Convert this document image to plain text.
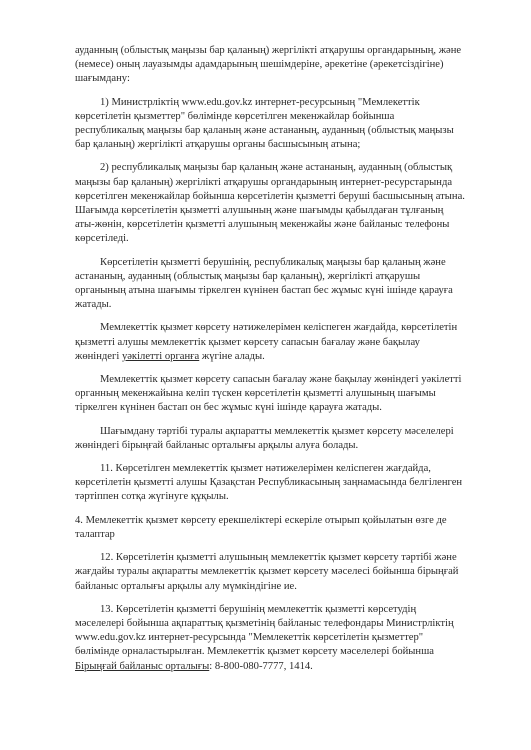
ауданның (облыстық маңызы бар қаланың) жергілікті атқарушы органдарының, және (немесе) оның лауазымды адамдарының шешімдеріне, әрекетіне (әрекетсіздігіне) шағымдану:

1) Министрліктің www.edu.gov.kz интернет-ресурсының "Мемлекеттік көрсетілетін қызметтер" бөлімінде көрсетілген мекенжайлар бойынша республикалық маңызы бар қаланың және астананың, ауданның (облыстық маңызы бар қаланың) жергілікті атқарушы органы басшысының атына;

2) республикалық маңызы бар қаланың және астананың, ауданның (облыстық маңызы бар қаланың) жергілікті атқарушы органдарының интернет-ресурстарында көрсетілген мекенжайлар бойынша көрсетілетін қызметті беруші басшысының атына. Шағымда көрсетілетін қызметті алушының және шағымды қабылдаған тұлғаның аты-жөнін, көрсетілетін қызметті алушының мекенжайы және байланыс телефоны көрсетіледі.

Көрсетілетін қызметті берушінің, республикалық маңызы бар қаланың және астананың, ауданның (облыстық маңызы бар қаланың), жергілікті атқарушы органының атына шағымы тіркелген күнінен бастап бес жұмыс күні ішінде қарауға жатады.

Мемлекеттік қызмет көрсету нәтижелерімен келіспеген жағдайда, көрсетілетін қызметті алушы мемлекеттік қызмет көрсету сапасын бағалау және бақылау жөніндегі уәкілетті органға жүгіне алады.

Мемлекеттік қызмет көрсету сапасын бағалау және бақылау жөніндегі уәкілетті органның мекенжайына келіп түскен көрсетілетін қызметті алушының шағымы тіркелген күнінен бастап он бес жұмыс күні ішінде қарауға жатады.

Шағымдану тәртібі туралы ақпаратты мемлекеттік қызмет көрсету мәселелері жөніндегі бірыңғай байланыс орталығы арқылы алуға болады.

11. Көрсетілген мемлекеттік қызмет нәтижелерімен келіспеген жағдайда, көрсетілетін қызметті алушы Қазақстан Республикасының заңнамасында белгіленген тәртіппен сотқа жүгінуге құқылы.

4. Мемлекеттік қызмет көрсету ерекшеліктері ескеріле отырып қойылатын өзге де талаптар

12. Көрсетілетін қызметті алушының мемлекеттік қызмет көрсету тәртібі және жағдайы туралы ақпаратты мемлекеттік қызмет көрсету мәселесі бойынша бірыңғай байланыс орталығы арқылы алу мүмкіндігіне ие.

13. Көрсетілетін қызметті берушінің мемлекеттік қызметті көрсетудің мәселелері бойынша ақпараттық қызметінің байланыс телефондары Министрліктің www.edu.gov.kz интернет-ресурсында "Мемлекеттік көрсетілетін қызметтер" бөлімінде орналастырылған. Мемлекеттік қызмет көрсету мәселелері бойынша Бірыңғай байланыс орталығы: 8-800-080-7777, 1414.
